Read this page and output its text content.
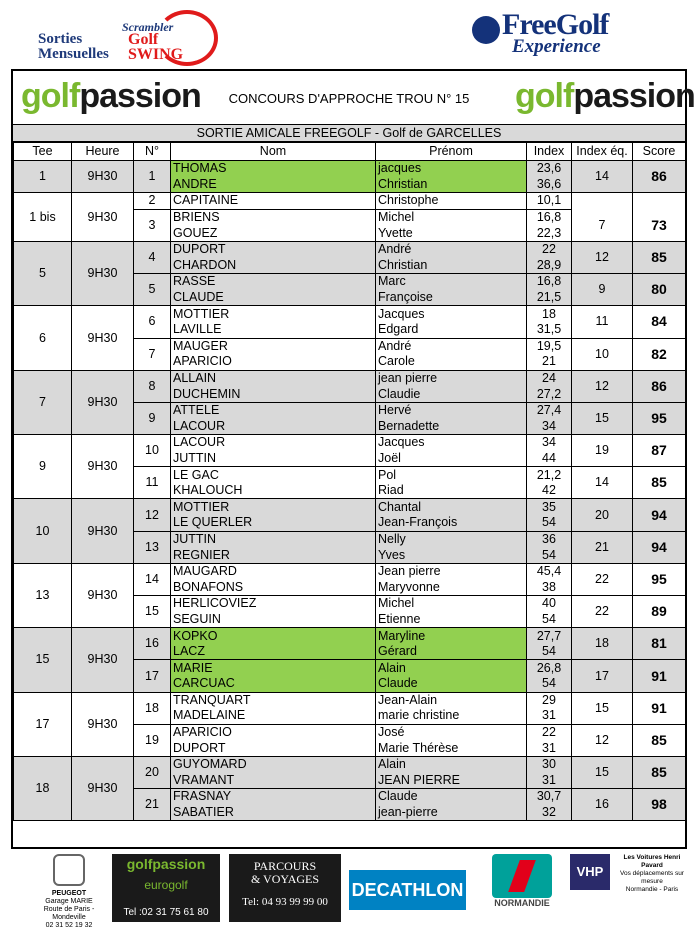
Sorties
Mensuelles
Scrambler
Golf
SWING
FreeGolf
Experience
golfpassion	CONCOURS D'APPROCHE TROU N° 15	golfpassion
SORTIE AMICALE FREEGOLF - Golf de GARCELLES
Tee	Heure	N°	Nom	Prénom	Index	Index éq.	Score
1	9H30	1	THOMAS	jacques	23,6	14	86
			ANDRE	Christian	36,6		
1 bis	9H30	2	CAPITAINE	Christophe	10,1		
		3	BRIENS	Michel	16,8	7	73
			GOUEZ	Yvette	22,3		
5	9H30	4	DUPORT	André	22	12	85
			CHARDON	Christian	28,9		
		5	RASSE	Marc	16,8	9	80
			CLAUDE	Françoise	21,5		
6	9H30	6	MOTTIER	Jacques	18	11	84
			LAVILLE	Edgard	31,5		
		7	MAUGER	André	19,5	10	82
			APARICIO	Carole	21		
7	9H30	8	ALLAIN	jean pierre	24	12	86
			DUCHEMIN	Claudie	27,2		
		9	ATTELE	Hervé	27,4	15	95
			LACOUR	Bernadette	34		
9	9H30	10	LACOUR	Jacques	34	19	87
			JUTTIN	Joël	44		
		11	LE GAC	Pol	21,2	14	85
			KHALOUCH	Riad	42		
10	9H30	12	MOTTIER	Chantal	35	20	94
			LE QUERLER	Jean-François	54		
		13	JUTTIN	Nelly	36	21	94
			REGNIER	Yves	54		
13	9H30	14	MAUGARD	Jean pierre	45,4	22	95
			BONAFONS	Maryvonne	38		
		15	HERLICOVIEZ	Michel	40	22	89
			SEGUIN	Etienne	54		
15	9H30	16	KOPKO	Maryline	27,7	18	81
			LACZ	Gérard	54		
		17	MARIE	Alain	26,8	17	91
			CARCUAC	Claude	54		
17	9H30	18	TRANQUART	Jean-Alain	29	15	91
			MADELAINE	marie christine	31		
		19	APARICIO	José	22	12	85
			DUPORT	Marie Thérèse	31		
18	9H30	20	GUYOMARD	Alain	30	15	85
			VRAMANT	JEAN PIERRE	31		
		21	FRASNAY	Claude	30,7	16	98
			SABATIER	jean-pierre	32		
PEUGEOT
Garage MARIE
Route de Paris - Mondeville
02 31 52 19 32
golfpassion
eurogolf
Tel :02 31 75 61 80
PARCOURS
& VOYAGES
Tel: 04 93 99 99 00
DECATHLON
NORMANDIE
VHP
Les Voitures Henri Pavard
Vos déplacements sur mesure
Normandie - Paris
